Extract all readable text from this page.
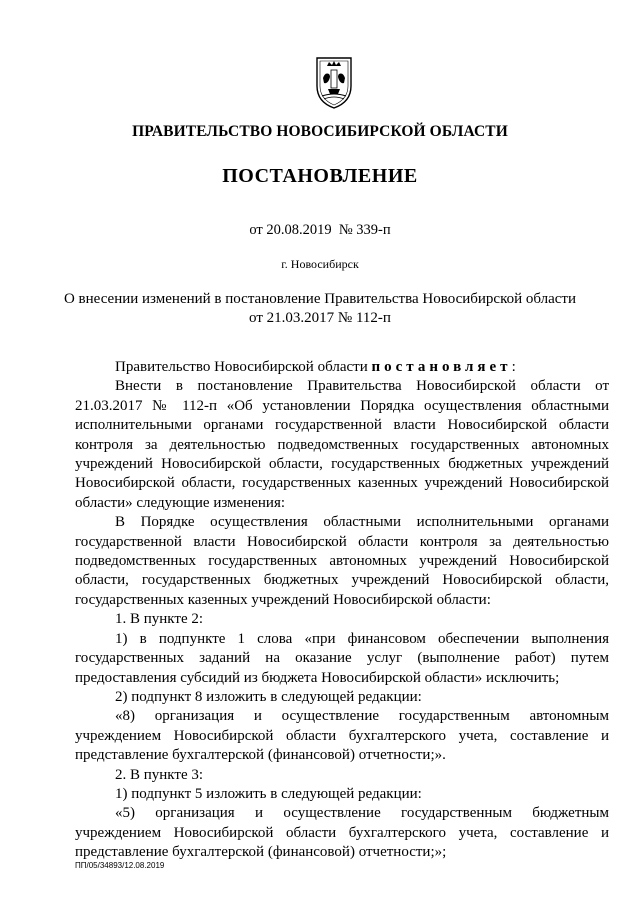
ПРАВИТЕЛЬСТВО НОВОСИБИРСКОЙ ОБЛАСТИ
ПОСТАНОВЛЕНИЕ
от 20.08.2019  № 339-п
г. Новосибирск
О внесении изменений в постановление Правительства Новосибирской области
от 21.03.2017 № 112-п

Правительство Новосибирской области постановляет:

Внести в постановление Правительства Новосибирской области от 21.03.2017 № 112-п «Об установлении Порядка осуществления областными исполнительными органами государственной власти Новосибирской области контроля за деятельностью подведомственных государственных автономных учреждений Новосибирской области, государственных бюджетных учреждений Новосибирской области, государственных казенных учреждений Новосибирской области» следующие изменения:

В Порядке осуществления областными исполнительными органами государственной власти Новосибирской области контроля за деятельностью подведомственных государственных автономных учреждений Новосибирской области, государственных бюджетных учреждений Новосибирской области, государственных казенных учреждений Новосибирской области:

1. В пункте 2:

1) в подпункте 1 слова «при финансовом обеспечении выполнения государственных заданий на оказание услуг (выполнение работ) путем предоставления субсидий из бюджета Новосибирской области» исключить;

2) подпункт 8 изложить в следующей редакции:

«8) организация и осуществление государственным автономным учреждением Новосибирской области бухгалтерского учета, составление и представление бухгалтерской (финансовой) отчетности;».

2. В пункте 3:

1) подпункт 5 изложить в следующей редакции:

«5) организация и осуществление государственным бюджетным учреждением Новосибирской области бухгалтерского учета, составление и представление бухгалтерской (финансовой) отчетности;»;

ПП/05/34893/12.08.2019
